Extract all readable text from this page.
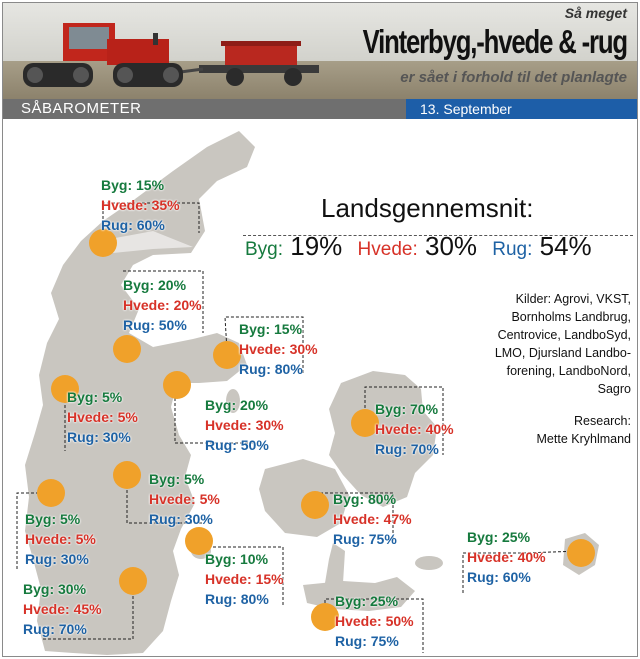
Så meget
Vinterbyg,-hvede & -rug
er sået i forhold til det planlagte
SÅBAROMETER	13. September
Landsgennemsnit:
Byg: 19% Hvede: 30% Rug: 54%
Kilder: Agrovi, VKST, Bornholms Landbrug, Centrovice, LandboSyd, LMO, Djursland Landbo-forening, LandboNord, Sagro
Research:
Mette Kryhlmand
Byg: 15%
Hvede: 35%
Rug: 60%
Byg: 20%
Hvede: 20%
Rug: 50%	Byg: 15%
Hvede: 30%
Rug: 80%
Byg: 5%
Hvede: 5%
Rug: 30%
Byg: 20%
Hvede: 30%
Rug: 50%
Byg: 70%
Hvede: 40%
Rug: 70%
Byg: 5%
Hvede: 5%
Rug: 30%
Byg: 5%
Hvede: 5%
Rug: 30%
Byg: 80%
Hvede: 47%
Rug: 75%
Byg: 10%
Hvede: 15%
Rug: 80%
Byg: 25%
Hvede: 40%
Rug: 60%
Byg: 30%
Hvede: 45%
Rug: 70%
Byg: 25%
Hvede: 50%
Rug: 75%
